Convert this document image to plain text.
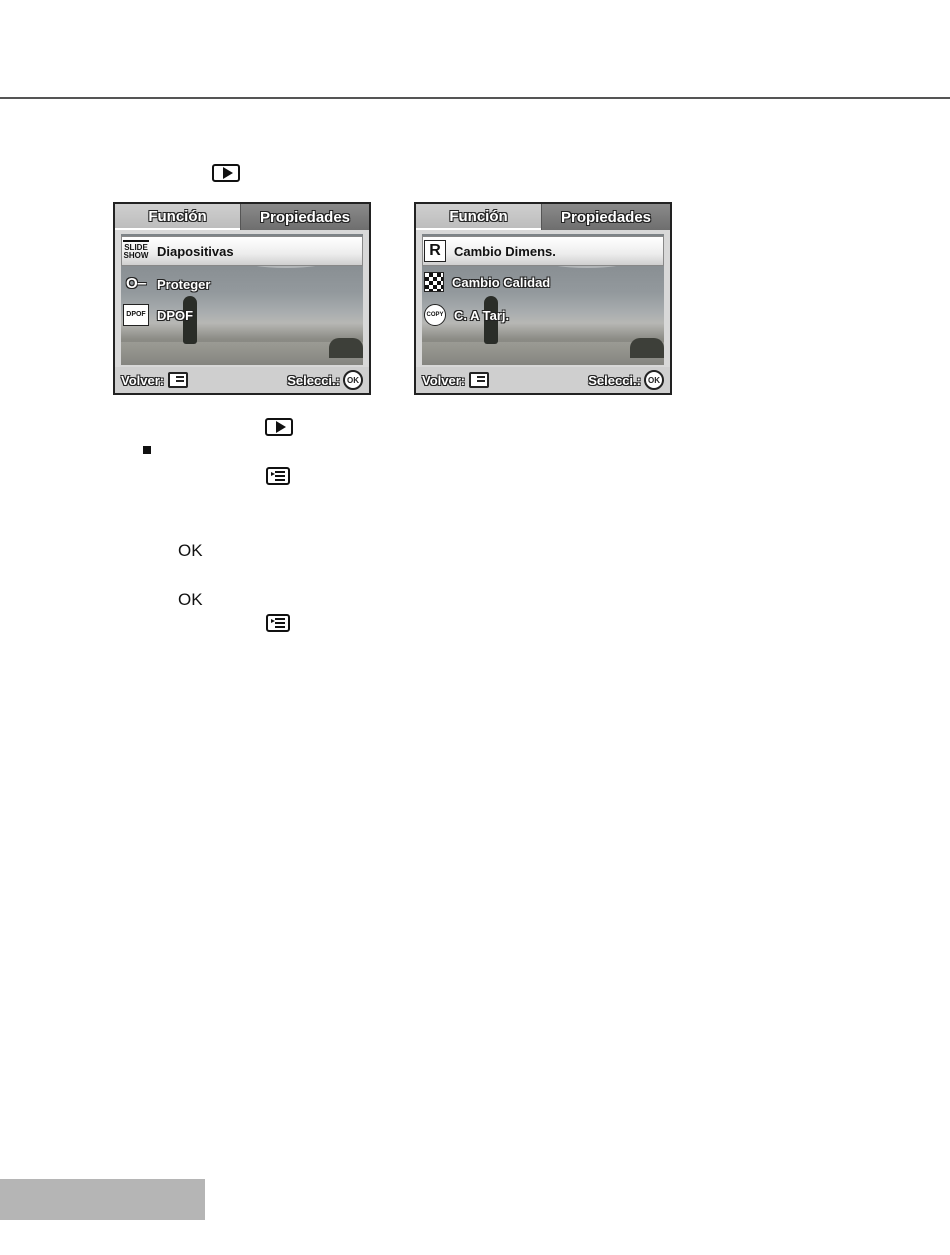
Función	Propiedades
SLIDE SHOW Diapositivas
O‒ Proteger
DPOF DPOF
Volver:	Selecci.: OK
Función	Propiedades
R	Cambio Dimens.
Cambio Calidad
COPY C. A Tarj.
Volver:	Selecci.: OK
OK
OK
